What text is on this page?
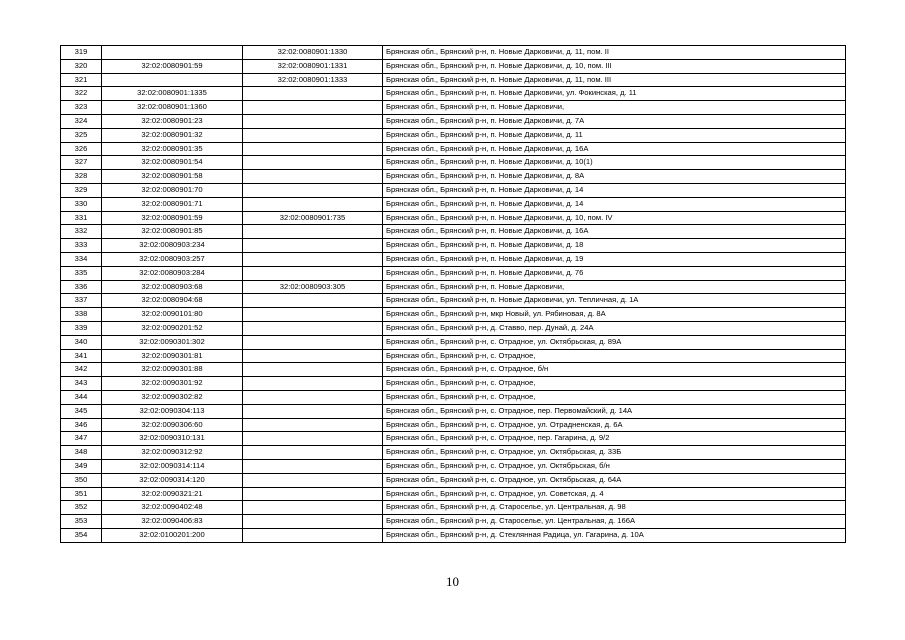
319		32:02:0080901:1330	Брянская обл., Брянский р-н, п. Новые Дарковичи, д. 11, пом. II
320	32:02:0080901:59	32:02:0080901:1331	Брянская обл., Брянский р-н, п. Новые Дарковичи, д. 10, пом. III
321		32:02:0080901:1333	Брянская обл., Брянский р-н, п. Новые Дарковичи, д. 11, пом. III
322	32:02:0080901:1335		Брянская обл., Брянский р-н, п. Новые Дарковичи, ул. Фокинская, д. 11
323	32:02:0080901:1360		Брянская обл., Брянский р-н, п. Новые Дарковичи,
324	32:02:0080901:23		Брянская обл., Брянский р-н, п. Новые Дарковичи, д. 7А
325	32:02:0080901:32		Брянская обл., Брянский р-н, п. Новые Дарковичи, д. 11
326	32:02:0080901:35		Брянская обл., Брянский р-н, п. Новые Дарковичи, д. 16А
327	32:02:0080901:54		Брянская обл., Брянский р-н, п. Новые Дарковичи, д. 10(1)
328	32:02:0080901:58		Брянская обл., Брянский р-н, п. Новые Дарковичи, д. 8А
329	32:02:0080901:70		Брянская обл., Брянский р-н, п. Новые Дарковичи, д. 14
330	32:02:0080901:71		Брянская обл., Брянский р-н, п. Новые Дарковичи, д. 14
331	32:02:0080901:59	32:02:0080901:735	Брянская обл., Брянский р-н, п. Новые Дарковичи, д. 10, пом. IV
332	32:02:0080901:85		Брянская обл., Брянский р-н, п. Новые Дарковичи, д. 16А
333	32:02:0080903:234		Брянская обл., Брянский р-н, п. Новые Дарковичи, д. 18
334	32:02:0080903:257		Брянская обл., Брянский р-н, п. Новые Дарковичи, д. 19
335	32:02:0080903:284		Брянская обл., Брянский р-н, п. Новые Дарковичи, д. 76
336	32:02:0080903:68	32:02:0080903:305	Брянская обл., Брянский р-н, п. Новые Дарковичи,
337	32:02:0080904:68		Брянская обл., Брянский р-н, п. Новые Дарковичи, ул. Тепличная, д. 1А
338	32:02:0090101:80		Брянская обл., Брянский р-н, мкр Новый, ул. Рябиновая, д. 8А
339	32:02:0090201:52		Брянская обл., Брянский р-н, д. Ставво, пер. Дунай, д. 24А
340	32:02:0090301:302		Брянская обл., Брянский р-н, с. Отрадное, ул. Октябрьская, д. 89А
341	32:02:0090301:81		Брянская обл., Брянский р-н, с. Отрадное,
342	32:02:0090301:88		Брянская обл., Брянский р-н, с. Отрадное, б/н
343	32:02:0090301:92		Брянская обл., Брянский р-н, с. Отрадное,
344	32:02:0090302:82		Брянская обл., Брянский р-н, с. Отрадное,
345	32:02:0090304:113		Брянская обл., Брянский р-н, с. Отрадное, пер. Первомайский, д. 14А
346	32:02:0090306:60		Брянская обл., Брянский р-н, с. Отрадное, ул. Отрадненская, д. 6А
347	32:02:0090310:131		Брянская обл., Брянский р-н, с. Отрадное, пер. Гагарина, д. 9/2
348	32:02:0090312:92		Брянская обл., Брянский р-н, с. Отрадное, ул. Октябрьская, д. 33Б
349	32:02:0090314:114		Брянская обл., Брянский р-н, с. Отрадное, ул. Октябрьская, б/н
350	32:02:0090314:120		Брянская обл., Брянский р-н, с. Отрадное, ул. Октябрьская, д. 64А
351	32:02:0090321:21		Брянская обл., Брянский р-н, с. Отрадное, ул. Советская, д. 4
352	32:02:0090402:48		Брянская обл., Брянский р-н, д. Староселье, ул. Центральная, д. 98
353	32:02:0090406:83		Брянская обл., Брянский р-н, д. Староселье, ул. Центральная, д. 166А
354	32:02:0100201:200		Брянская обл., Брянский р-н, д. Стеклянная Радица, ул. Гагарина, д. 10А
10
